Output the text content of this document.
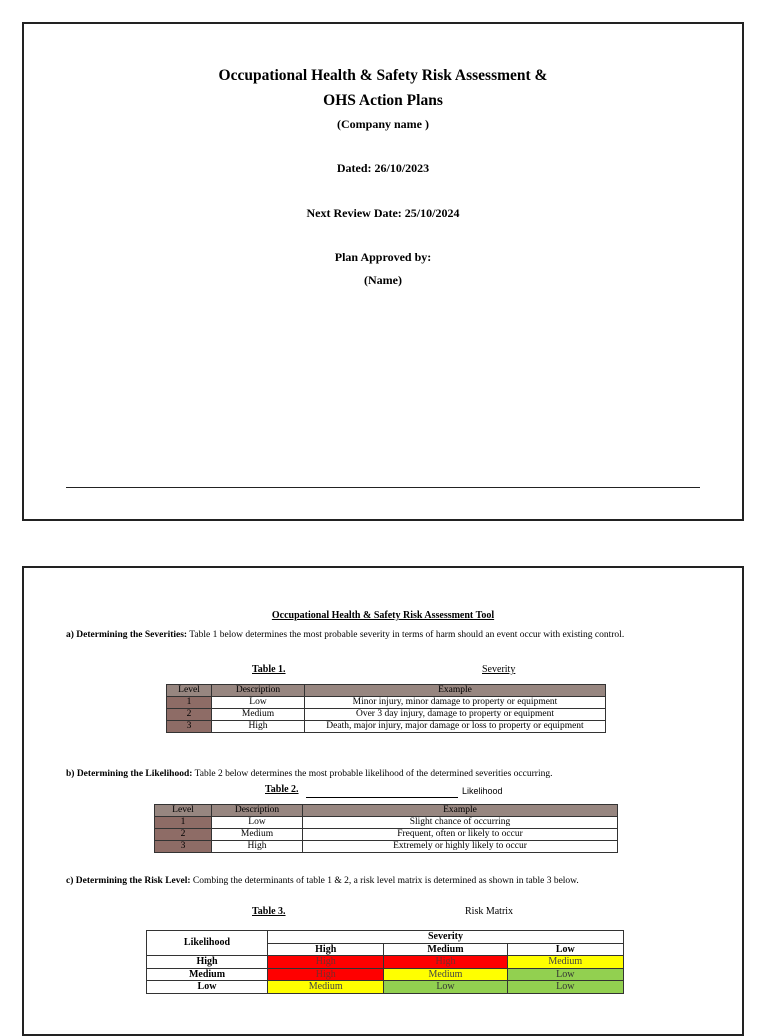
Occupational Health & Safety Risk Assessment &
OHS Action Plans
(Company name )
Dated: 26/10/2023
Next Review Date: 25/10/2024
Plan Approved by:
(Name)
Occupational Health & Safety Risk Assessment Tool
a) Determining the Severities: Table 1 below determines the most probable severity in terms of harm should an event occur with existing control.
Table 1.	Severity
Level	Description	Example
1	Low	Minor injury, minor damage to property or equipment
2	Medium	Over 3 day injury, damage to property or equipment
3	High	Death, major injury, major damage or loss to property or equipment
b) Determining the Likelihood: Table 2 below determines the most probable likelihood of the determined severities occurring.
Table 2.	Likelihood
Level	Description	Example
1	Low	Slight chance of occurring
2	Medium	Frequent, often or likely to occur
3	High	Extremely or highly likely to occur
c) Determining the Risk Level: Combing the determinants of table 1 & 2, a risk level matrix is determined as shown in table 3 below.
Table 3.	Risk Matrix
Likelihood	Severity		
	High	Medium	Low
High	High	High	Medium
Medium	High	Medium	Low
Low	Medium	Low	Low
